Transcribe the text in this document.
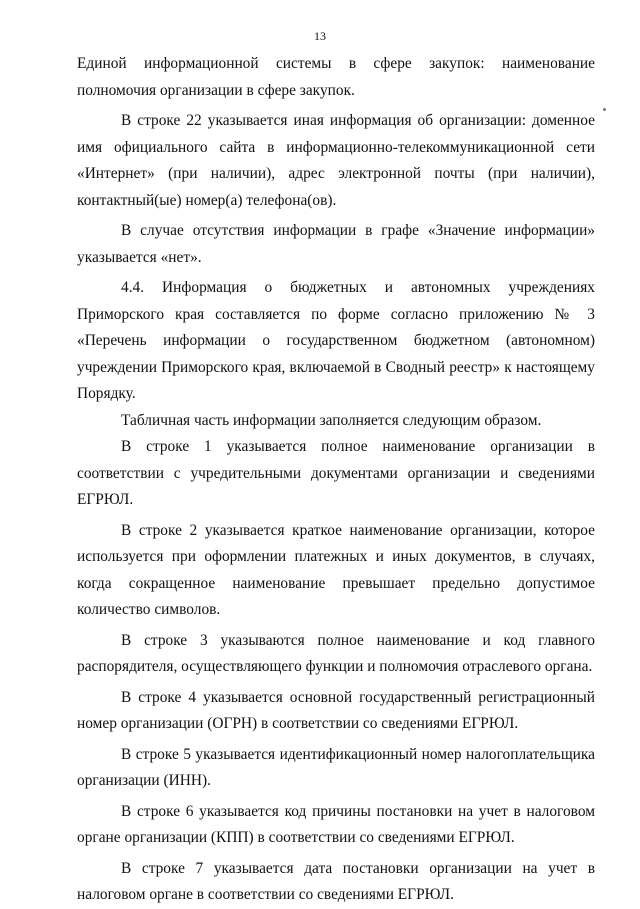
13

Единой информационной системы в сфере закупок: наименование полномочия организации в сфере закупок.

В строке 22 указывается иная информация об организации: доменное имя официального сайта в информационно-телекоммуникационной сети «Интернет» (при наличии), адрес электронной почты (при наличии), контактный(ые) номер(а) телефона(ов).

В случае отсутствия информации в графе «Значение информации» указывается «нет».

4.4. Информация о бюджетных и автономных учреждениях Приморского края составляется по форме согласно приложению № 3 «Перечень информации о государственном бюджетном (автономном) учреждении Приморского края, включаемой в Сводный реестр» к настоящему Порядку.

Табличная часть информации заполняется следующим образом.

В строке 1 указывается полное наименование организации в соответствии с учредительными документами организации и сведениями ЕГРЮЛ.

В строке 2 указывается краткое наименование организации, которое используется при оформлении платежных и иных документов, в случаях, когда сокращенное наименование превышает предельно допустимое количество символов.

В строке 3 указываются полное наименование и код главного распорядителя, осуществляющего функции и полномочия отраслевого органа.

В строке 4 указывается основной государственный регистрационный номер организации (ОГРН) в соответствии со сведениями ЕГРЮЛ.

В строке 5 указывается идентификационный номер налогоплательщика организации (ИНН).

В строке 6 указывается код причины постановки на учет в налоговом органе организации (КПП) в соответствии со сведениями ЕГРЮЛ.

В строке 7 указывается дата постановки организации на учет в налоговом органе в соответствии со сведениями ЕГРЮЛ.
